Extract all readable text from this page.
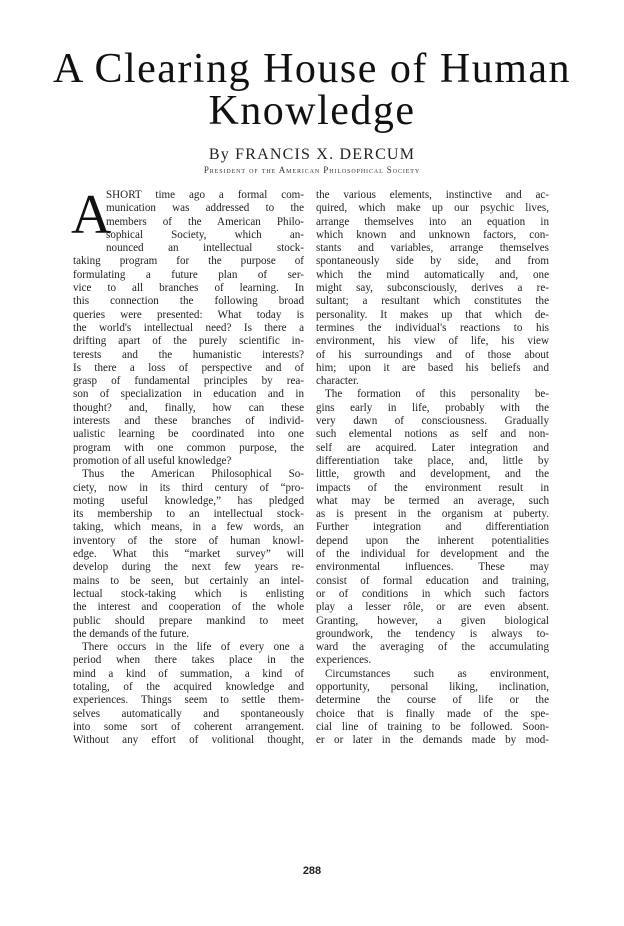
A Clearing House of Human
Knowledge
By FRANCIS X. DERCUM
President of the American Philosophical Society
A
SHORT time ago a formal com-
munication was addressed to the
members of the American Philo-
sophical Society, which an-
nounced an intellectual stock-
taking program for the purpose of
formulating a future plan of ser-
vice to all branches of learning. In
this connection the following broad
queries were presented: What today is
the world's intellectual need? Is there a
drifting apart of the purely scientific in-
terests and the humanistic interests?
Is there a loss of perspective and of
grasp of fundamental principles by rea-
son of specialization in education and in
thought? and, finally, how can these
interests and these branches of individ-
ualistic learning be coordinated into one
program with one common purpose, the
promotion of all useful knowledge?
Thus the American Philosophical So-
ciety, now in its third century of “pro-
moting useful knowledge,” has pledged
its membership to an intellectual stock-
taking, which means, in a few words, an
inventory of the store of human knowl-
edge. What this “market survey” will
develop during the next few years re-
mains to be seen, but certainly an intel-
lectual stock-taking which is enlisting
the interest and cooperation of the whole
public should prepare mankind to meet
the demands of the future.
There occurs in the life of every one a
period when there takes place in the
mind a kind of summation, a kind of
totaling, of the acquired knowledge and
experiences. Things seem to settle them-
selves automatically and spontaneously
into some sort of coherent arrangement.
Without any effort of volitional thought,
the various elements, instinctive and ac-
quired, which make up our psychic lives,
arrange themselves into an equation in
which known and unknown factors, con-
stants and variables, arrange themselves
spontaneously side by side, and from
which the mind automatically and, one
might say, subconsciously, derives a re-
sultant; a resultant which constitutes the
personality. It makes up that which de-
termines the individual's reactions to his
environment, his view of life, his view
of his surroundings and of those about
him; upon it are based his beliefs and
character.
The formation of this personality be-
gins early in life, probably with the
very dawn of consciousness. Gradually
such elemental notions as self and non-
self are acquired. Later integration and
differentiation take place, and, little by
little, growth and development, and the
impacts of the environment result in
what may be termed an average, such
as is present in the organism at puberty.
Further integration and differentiation
depend upon the inherent potentialities
of the individual for development and the
environmental influences. These may
consist of formal education and training,
or of conditions in which such factors
play a lesser rôle, or are even absent.
Granting, however, a given biological
groundwork, the tendency is always to-
ward the averaging of the accumulating
experiences.
Circumstances such as environment,
opportunity, personal liking, inclination,
determine the course of life or the
choice that is finally made of the spe-
cial line of training to be followed. Soon-
er or later in the demands made by mod-
288
